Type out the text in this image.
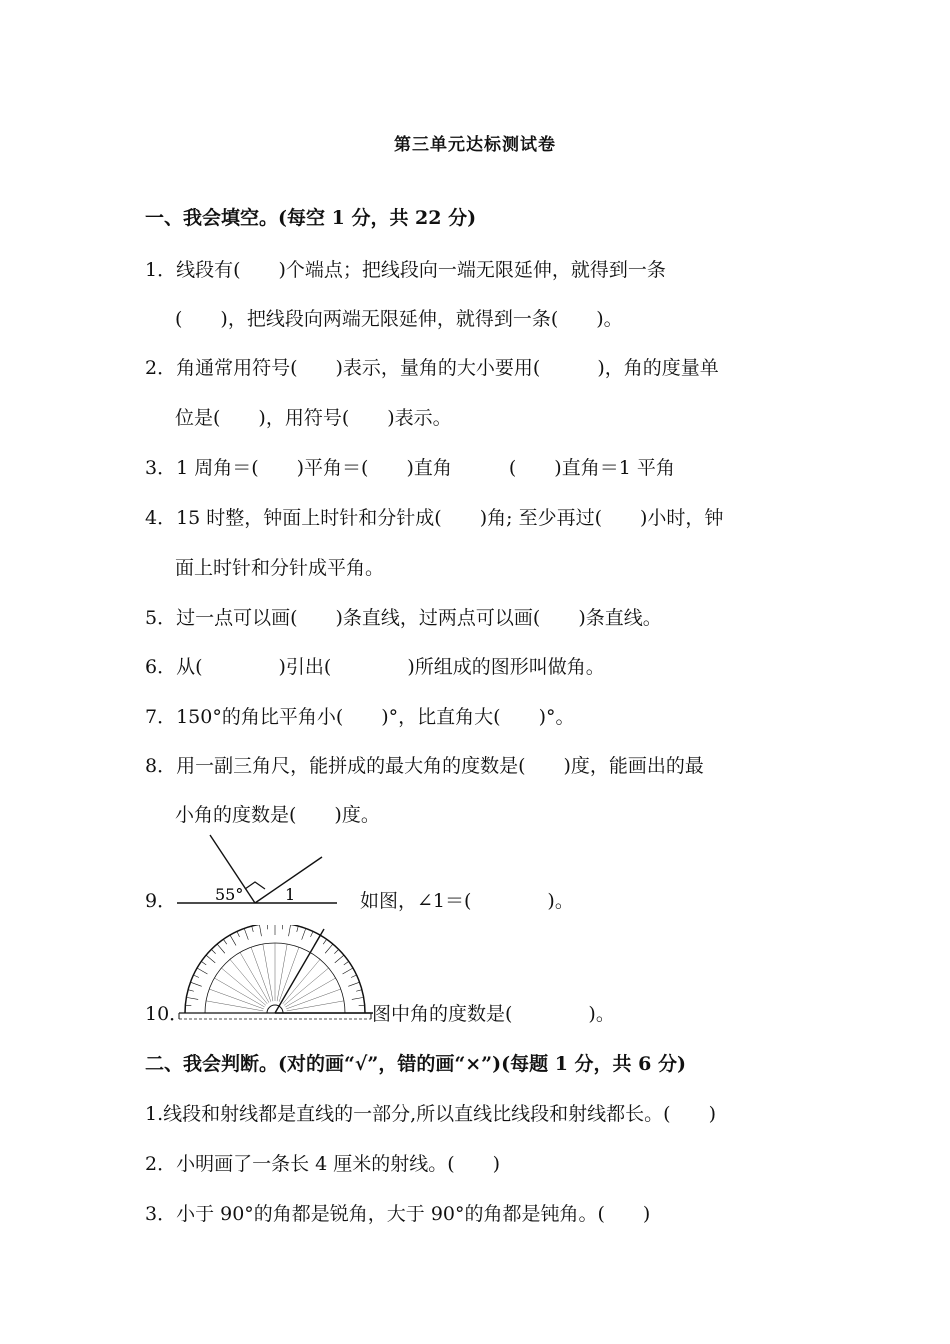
第三单元达标测试卷
一、我会填空。(每空 1 分，共 22 分)
1．线段有(　　)个端点；把线段向一端无限延伸，就得到一条
(　　)，把线段向两端无限延伸，就得到一条(　　)。
2．角通常用符号(　　)表示，量角的大小要用(　　　)，角的度量单
位是(　　)，用符号(　　)表示。
3．1 周角＝(　　)平角＝(　　)直角　　　(　　)直角＝1 平角
4．15 时整，钟面上时针和分针成(　　)角; 至少再过(　　)小时，钟
面上时针和分针成平角。
5．过一点可以画(　　)条直线，过两点可以画(　　)条直线。
6．从(　　　　)引出(　　　　)所组成的图形叫做角。
7．150°的角比平角小(　　)°，比直角大(　　)°。
8．用一副三角尺，能拼成的最大角的度数是(　　)度，能画出的最
小角的度数是(　　)度。
9． 55°	1	如图，∠1＝(　　　　)。
10．	图中角的度数是(　　　　)。
二、我会判断。(对的画“√”，错的画“×”)(每题 1 分，共 6 分)
1.线段和射线都是直线的一部分,所以直线比线段和射线都长。(　　)
2．小明画了一条长 4 厘米的射线。(　　)
3．小于 90°的角都是锐角，大于 90°的角都是钝角。(　　)
